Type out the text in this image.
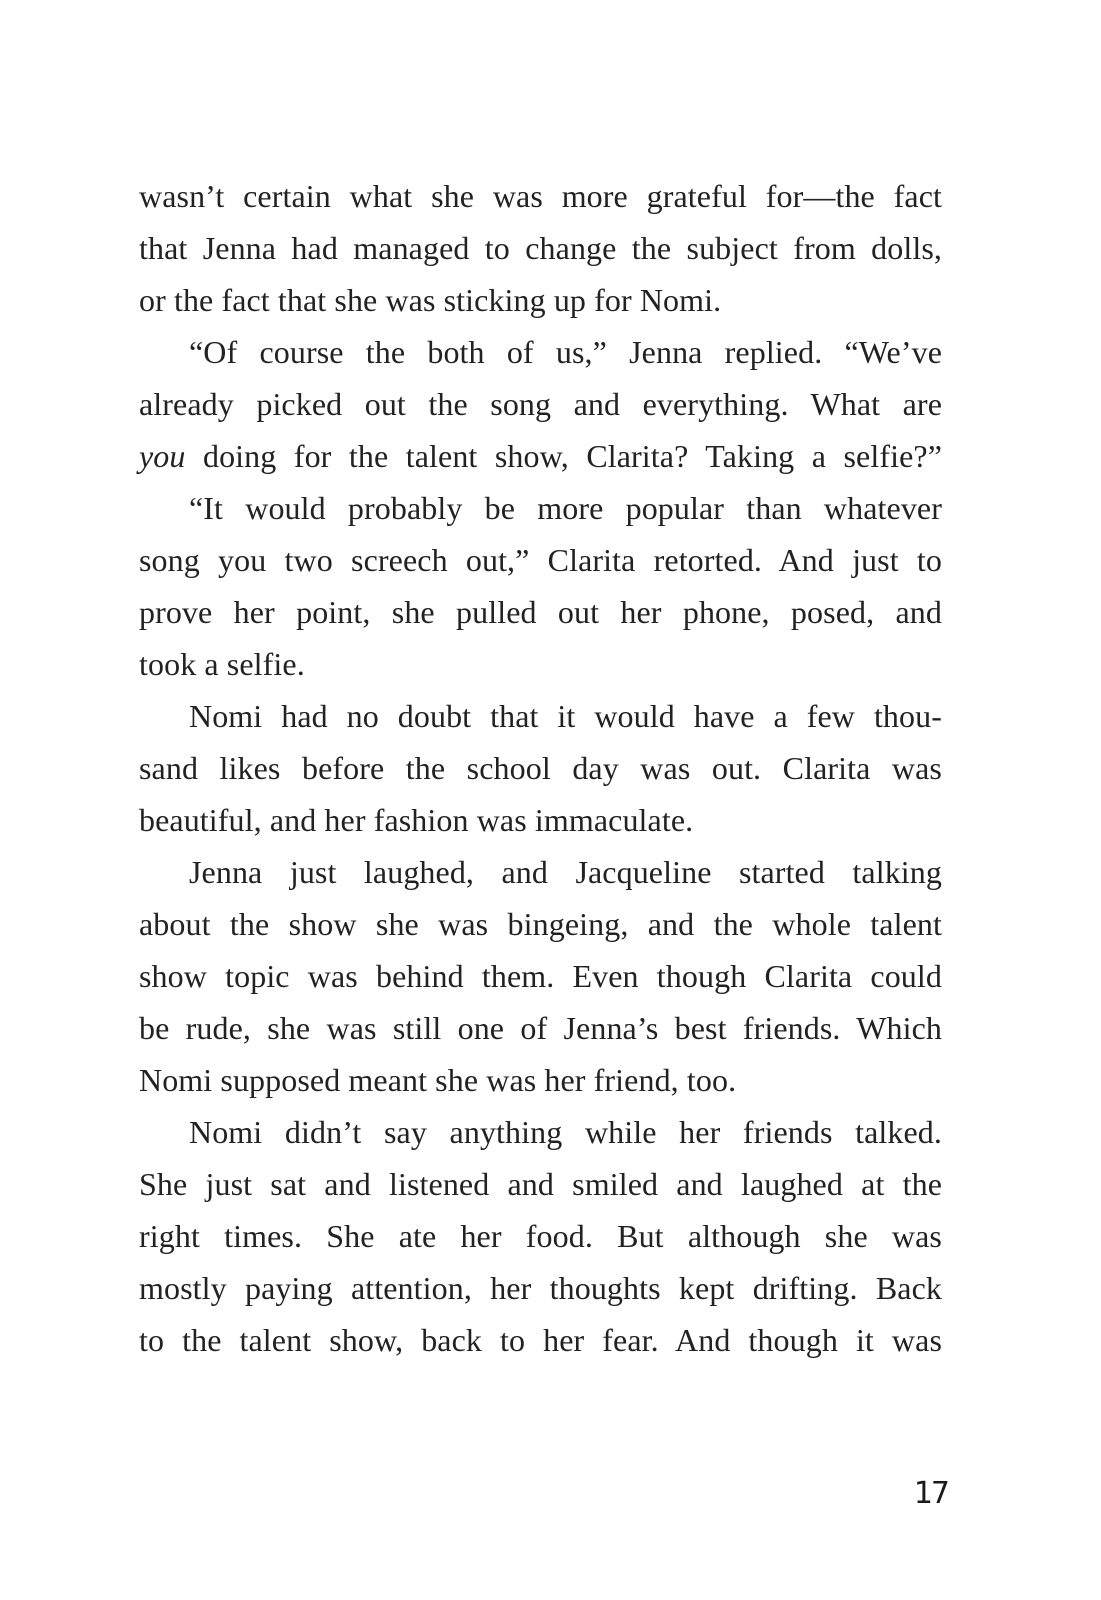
wasn’t certain what she was more grateful for—the fact
that Jenna had managed to change the subject from dolls,
or the fact that she was sticking up for Nomi.
“Of course the both of us,” Jenna replied. “We’ve
already picked out the song and everything. What are
you doing for the talent show, Clarita? Taking a selfie?”
“It would probably be more popular than whatever
song you two screech out,” Clarita retorted. And just to
prove her point, she pulled out her phone, posed, and
took a selfie.
Nomi had no doubt that it would have a few thou-
sand likes before the school day was out. Clarita was
beautiful, and her fashion was immaculate.
Jenna just laughed, and Jacqueline started talking
about the show she was bingeing, and the whole talent
show topic was behind them. Even though Clarita could
be rude, she was still one of Jenna’s best friends. Which
Nomi supposed meant she was her friend, too.
Nomi didn’t say anything while her friends talked.
She just sat and listened and smiled and laughed at the
right times. She ate her food. But although she was
mostly paying attention, her thoughts kept drifting. Back
to the talent show, back to her fear. And though it was
17
